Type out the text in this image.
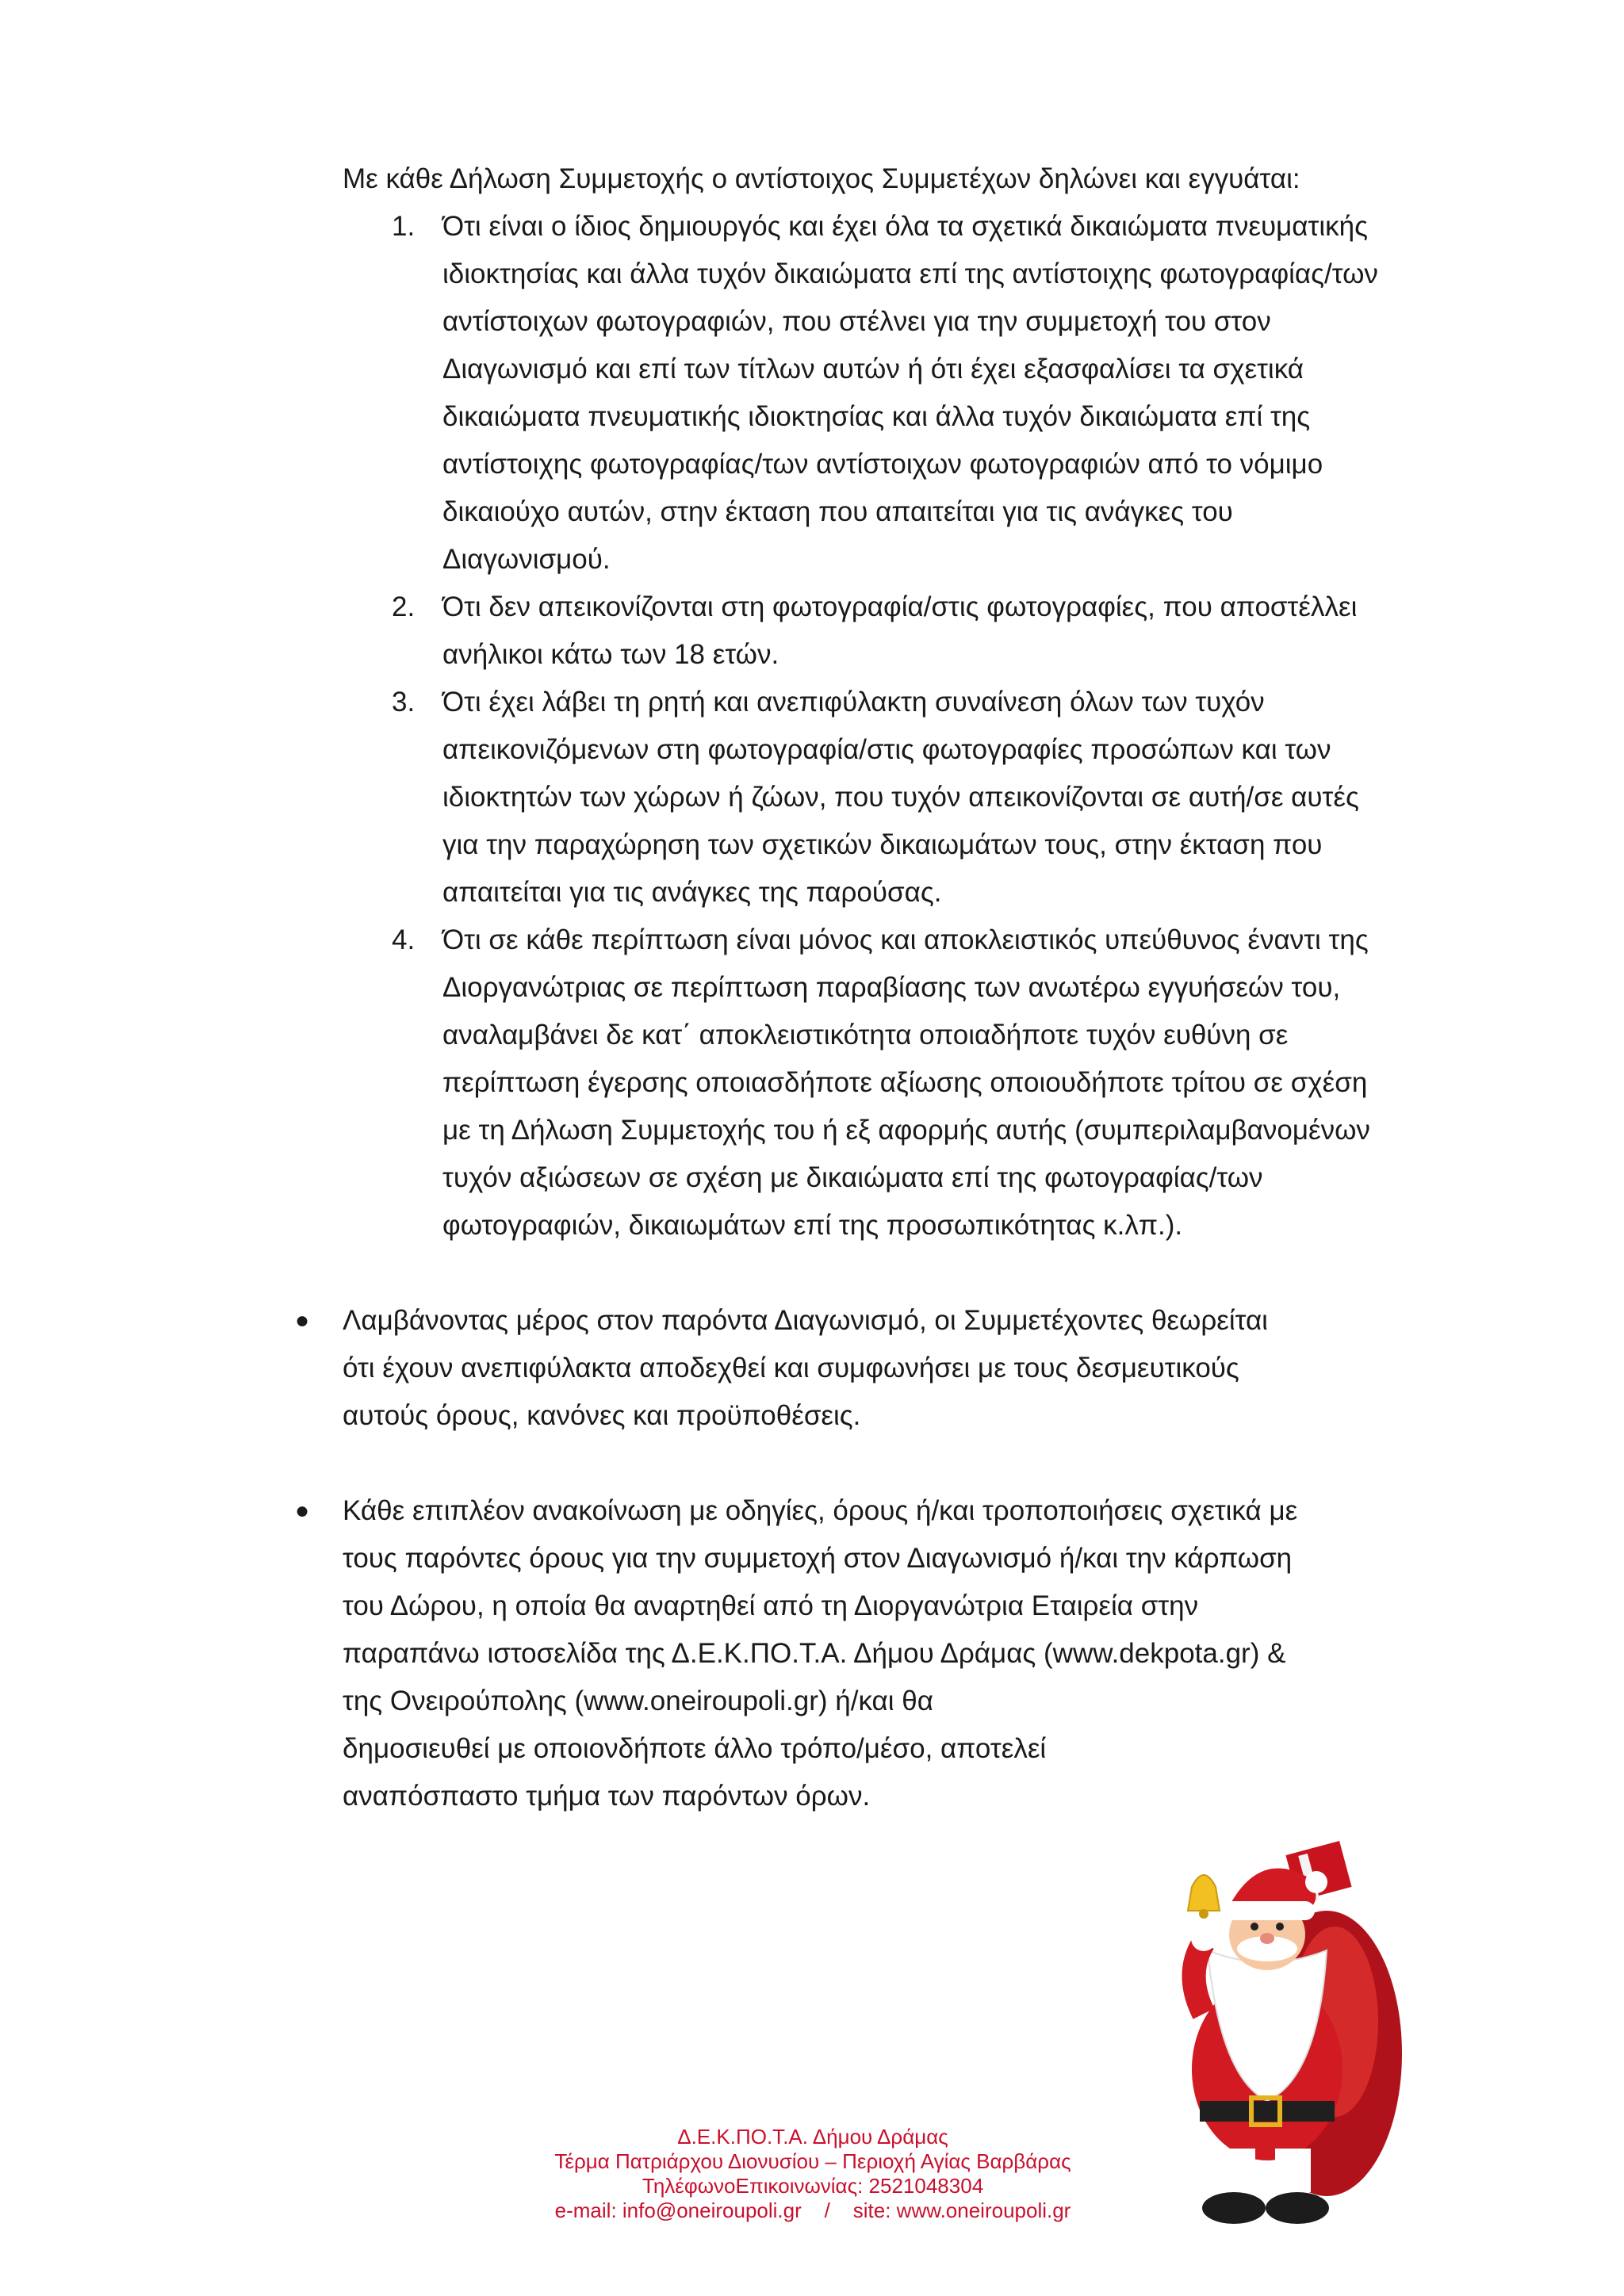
Με κάθε Δήλωση Συμμετοχής ο αντίστοιχος Συμμετέχων δηλώνει και εγγυάται:

1. Ότι είναι ο ίδιος δημιουργός και έχει όλα τα σχετικά δικαιώματα πνευματικής ιδιοκτησίας και άλλα τυχόν δικαιώματα επί της αντίστοιχης φωτογραφίας/των αντίστοιχων φωτογραφιών, που στέλνει για την συμμετοχή του στον Διαγωνισμό και επί των τίτλων αυτών ή ότι έχει εξασφαλίσει τα σχετικά δικαιώματα πνευματικής ιδιοκτησίας και άλλα τυχόν δικαιώματα επί της αντίστοιχης φωτογραφίας/των αντίστοιχων φωτογραφιών από το νόμιμο δικαιούχο αυτών, στην έκταση που απαιτείται για τις ανάγκες του Διαγωνισμού.
2. Ότι δεν απεικονίζονται στη φωτογραφία/στις φωτογραφίες, που αποστέλλει ανήλικοι κάτω των 18 ετών.
3. Ότι έχει λάβει τη ρητή και ανεπιφύλακτη συναίνεση όλων των τυχόν απεικονιζόμενων στη φωτογραφία/στις φωτογραφίες προσώπων και των ιδιοκτητών των χώρων ή ζώων, που τυχόν απεικονίζονται σε αυτή/σε αυτές για την παραχώρηση των σχετικών δικαιωμάτων τους, στην έκταση που απαιτείται για τις ανάγκες της παρούσας.
4. Ότι σε κάθε περίπτωση είναι μόνος και αποκλειστικός υπεύθυνος έναντι της Διοργανώτριας σε περίπτωση παραβίασης των ανωτέρω εγγυήσεών του, αναλαμβάνει δε κατ΄ αποκλειστικότητα οποιαδήποτε τυχόν ευθύνη σε περίπτωση έγερσης οποιασδήποτε αξίωσης οποιουδήποτε τρίτου σε σχέση με τη Δήλωση Συμμετοχής του ή εξ αφορμής αυτής (συμπεριλαμβανομένων τυχόν αξιώσεων σε σχέση με δικαιώματα επί της φωτογραφίας/των φωτογραφιών, δικαιωμάτων επί της προσωπικότητας κ.λπ.).
● Λαμβάνοντας μέρος στον παρόντα Διαγωνισμό, οι Συμμετέχοντες θεωρείται
ότι έχουν ανεπιφύλακτα αποδεχθεί και συμφωνήσει με τους δεσμευτικούς
αυτούς όρους, κανόνες και προϋποθέσεις.
● Κάθε επιπλέον ανακοίνωση με οδηγίες, όρους ή/και τροποποιήσεις σχετικά με
τους παρόντες όρους για την συμμετοχή στον Διαγωνισμό ή/και την κάρπωση
του Δώρου, η οποία θα αναρτηθεί από τη Διοργανώτρια Εταιρεία στην
παραπάνω ιστοσελίδα της Δ.Ε.Κ.ΠΟ.Τ.Α. Δήμου Δράμας (www.dekpota.gr) &
της Ονειρούπολης (www.oneiroupoli.gr) ή/και θα
δημοσιευθεί με οποιονδήποτε άλλο τρόπο/μέσο, αποτελεί
αναπόσπαστο τμήμα των παρόντων όρων.
Δ.Ε.Κ.ΠΟ.Τ.Α. Δήμου Δράμας
Τέρμα Πατριάρχου Διονυσίου – Περιοχή Αγίας Βαρβάρας
ΤηλέφωνοΕπικοινωνίας: 2521048304
e-mail: info@oneiroupoli.gr    /    site: www.oneiroupoli.gr
